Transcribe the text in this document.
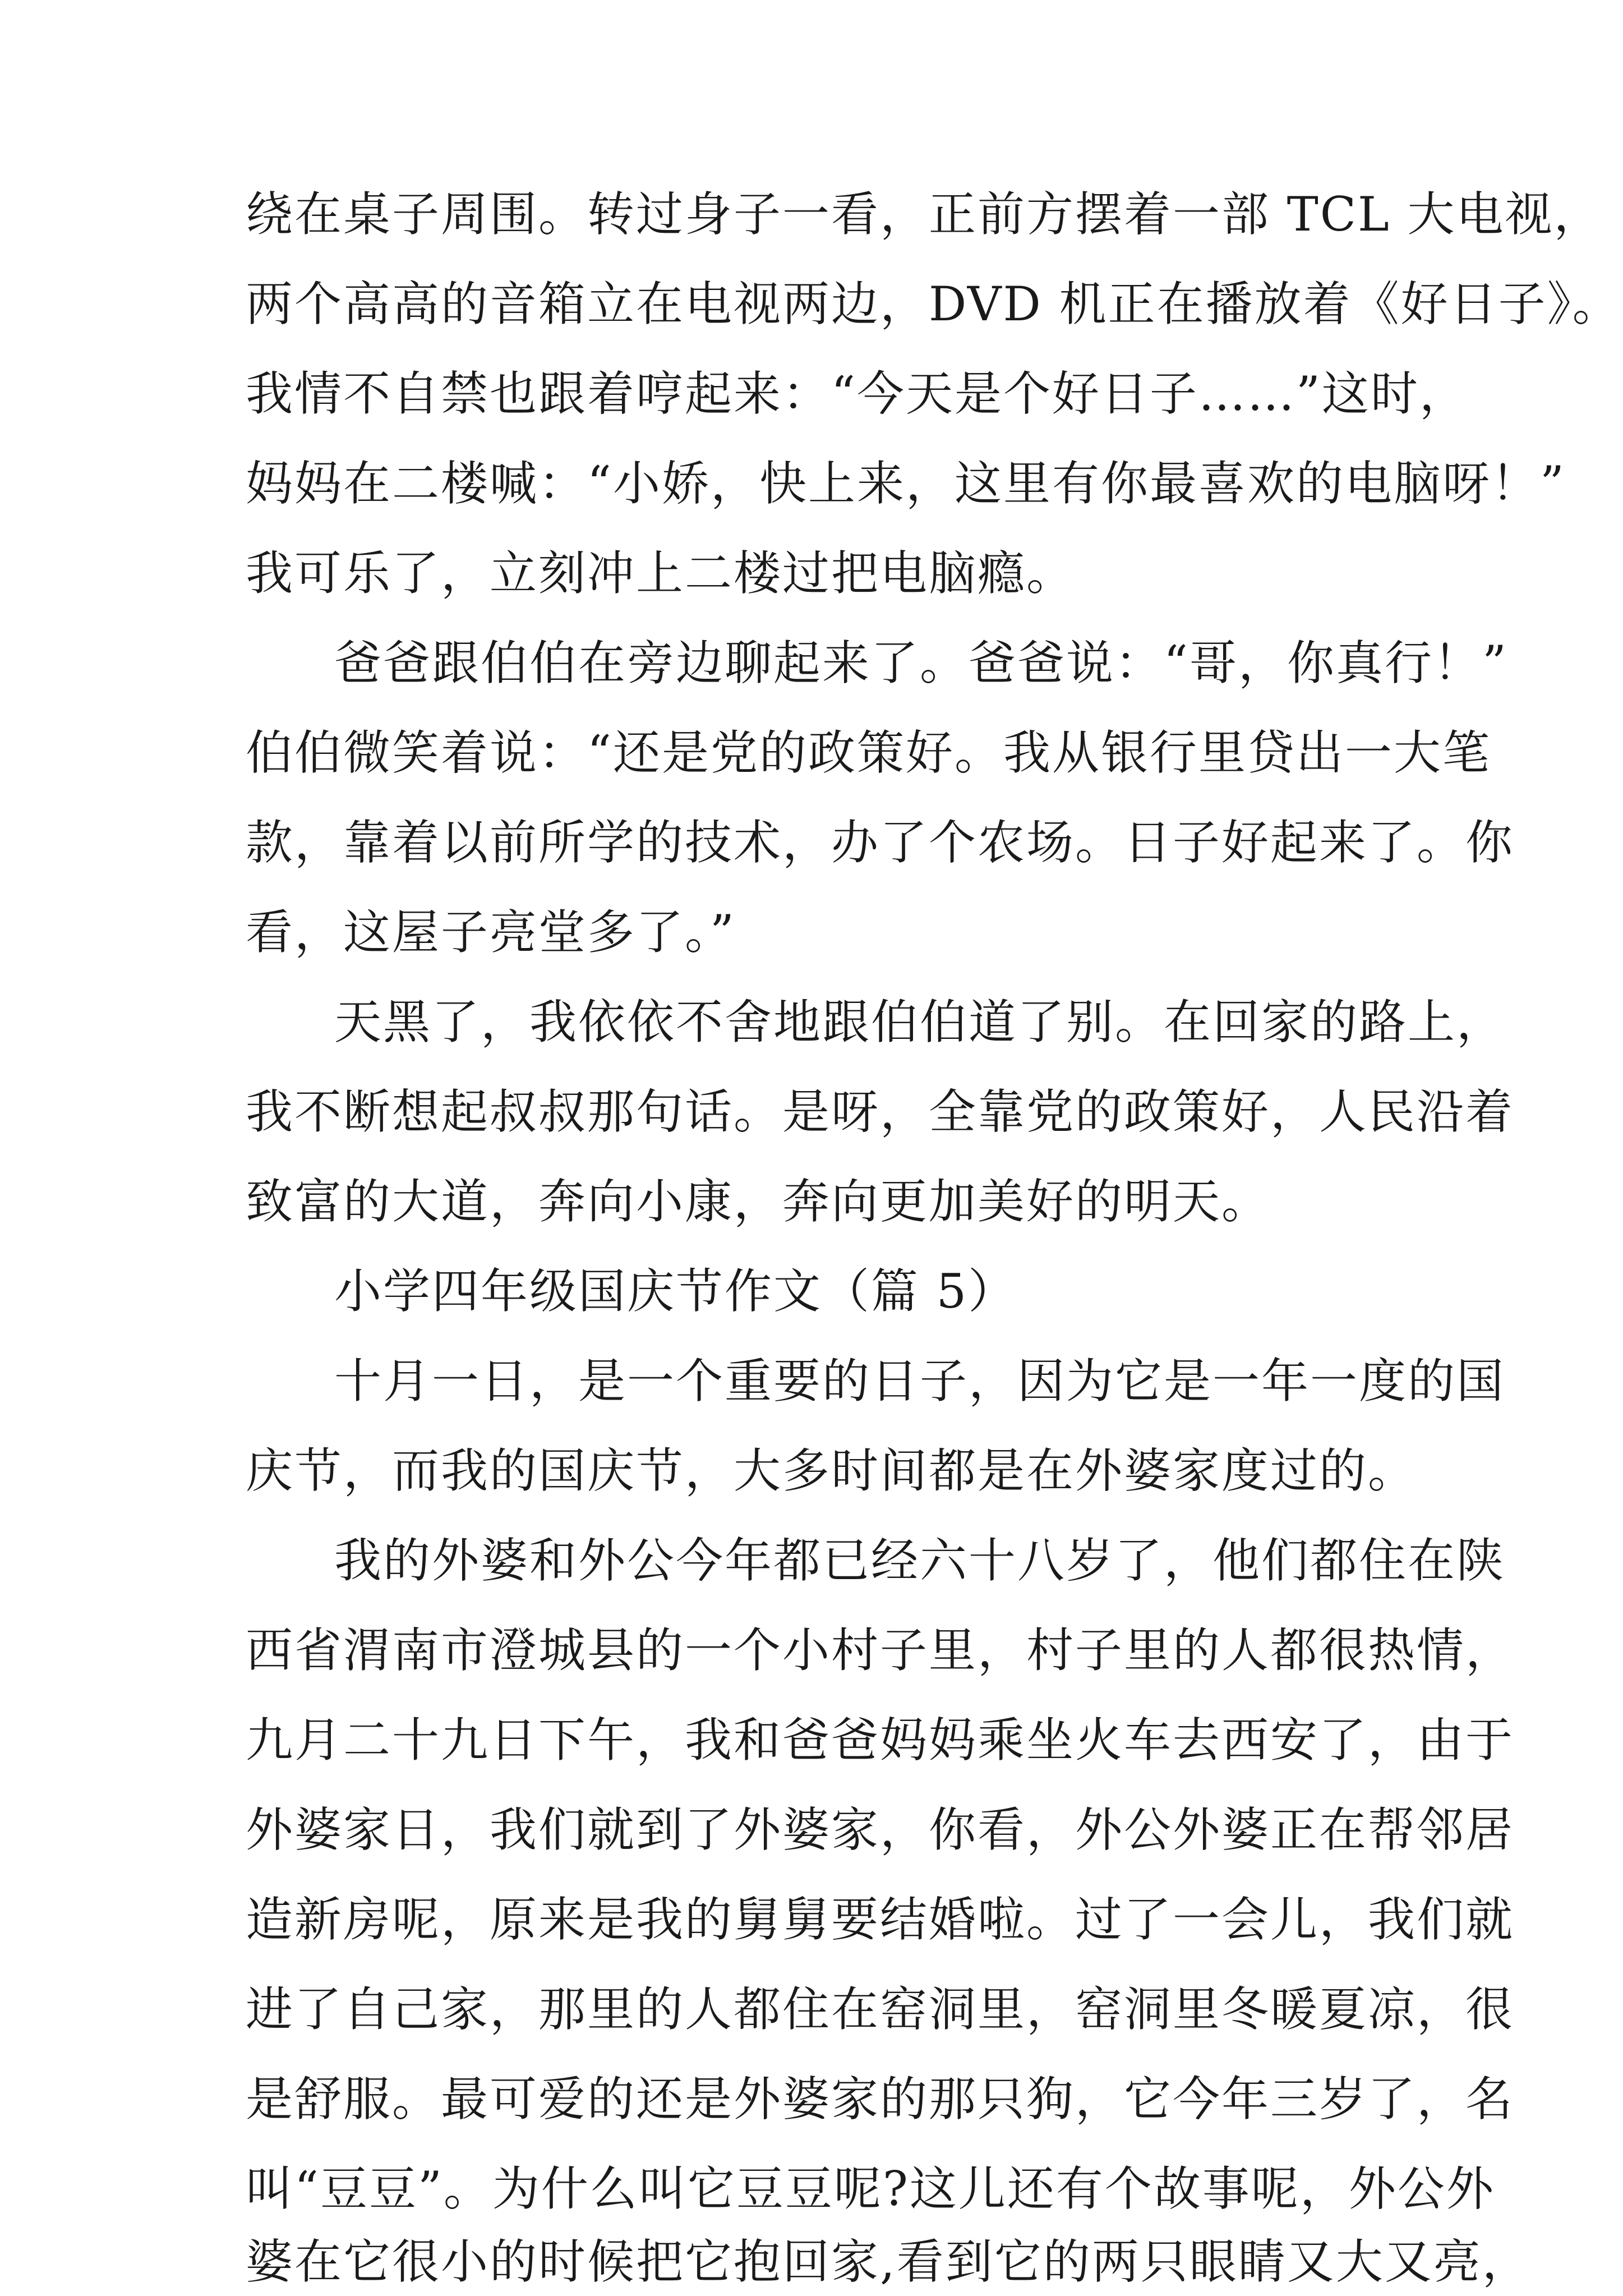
绕在桌子周围。转过身子一看，正前方摆着一部 TCL 大电视，
两个高高的音箱立在电视两边，DVD 机正在播放着《好日子》。
我情不自禁也跟着哼起来：“今天是个好日子……”这时，
妈妈在二楼喊：“小娇，快上来，这里有你最喜欢的电脑呀！”
我可乐了，立刻冲上二楼过把电脑瘾。
爸爸跟伯伯在旁边聊起来了。爸爸说：“哥，你真行！”
伯伯微笑着说：“还是党的政策好。我从银行里贷出一大笔
款，靠着以前所学的技术，办了个农场。日子好起来了。你
看，这屋子亮堂多了。”
天黑了，我依依不舍地跟伯伯道了别。在回家的路上，
我不断想起叔叔那句话。是呀，全靠党的政策好，人民沿着
致富的大道，奔向小康，奔向更加美好的明天。
小学四年级国庆节作文（篇 5）
十月一日，是一个重要的日子，因为它是一年一度的国
庆节，而我的国庆节，大多时间都是在外婆家度过的。
我的外婆和外公今年都已经六十八岁了，他们都住在陕
西省渭南市澄城县的一个小村子里，村子里的人都很热情，
九月二十九日下午，我和爸爸妈妈乘坐火车去西安了，由于
外婆家日，我们就到了外婆家，你看，外公外婆正在帮邻居
造新房呢，原来是我的舅舅要结婚啦。过了一会儿，我们就
进了自己家，那里的人都住在窑洞里，窑洞里冬暖夏凉，很
是舒服。最可爱的还是外婆家的那只狗，它今年三岁了，名
叫“豆豆”。为什么叫它豆豆呢?这儿还有个故事呢，外公外
婆在它很小的时候把它抱回家,看到它的两只眼睛又大又亮，
